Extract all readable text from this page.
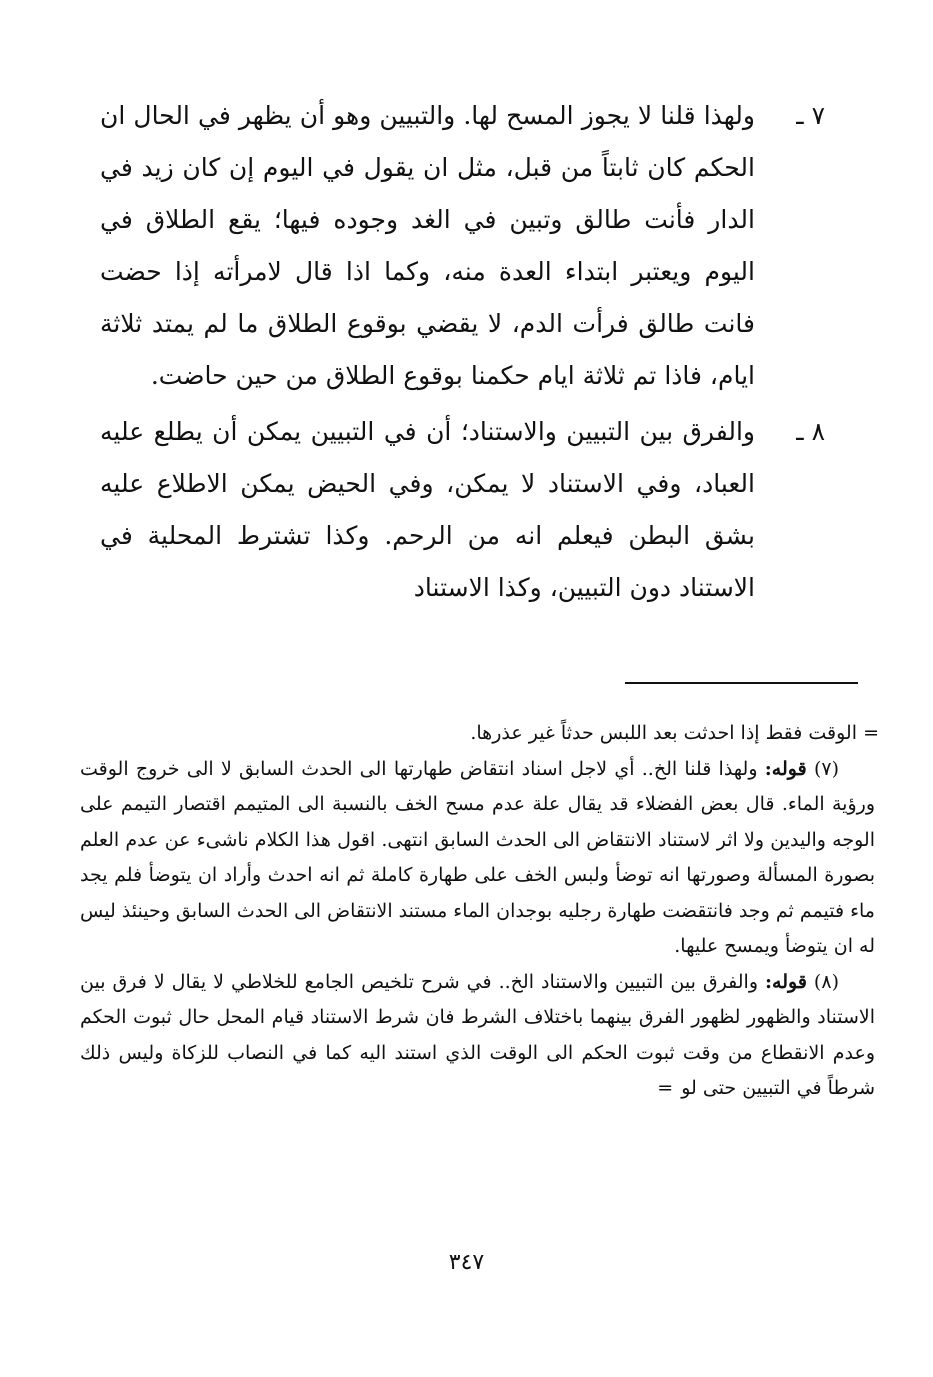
٧ ـ
ولهذا قلنا لا يجوز المسح لها. والتبيين وهو أن يظهر في الحال ان الحكم كان ثابتاً من قبل، مثل ان يقول في اليوم إن كان زيد في الدار فأنت طالق وتبين في الغد وجوده فيها؛ يقع الطلاق في اليوم ويعتبر ابتداء العدة منه، وكما اذا قال لامرأته إذا حضت فانت طالق فرأت الدم، لا يقضي بوقوع الطلاق ما لم يمتد ثلاثة ايام، فاذا تم ثلاثة ايام حكمنا بوقوع الطلاق من حين حاضت.
٨ ـ
والفرق بين التبيين والاستناد؛ أن في التبيين يمكن أن يطلع عليه العباد، وفي الاستناد لا يمكن، وفي الحيض يمكن الاطلاع عليه بشق البطن فيعلم انه من الرحم. وكذا تشترط المحلية في الاستناد دون التبيين، وكذا الاستناد

=
الوقت فقط إذا احدثت بعد اللبس حدثاً غير عذرها.

(٧) قوله: ولهذا قلنا الخ.. أي لاجل اسناد انتقاض طهارتها الى الحدث السابق لا الى خروج الوقت ورؤية الماء. قال بعض الفضلاء قد يقال علة عدم مسح الخف بالنسبة الى المتيمم اقتصار التيمم على الوجه واليدين ولا اثر لاستناد الانتقاض الى الحدث السابق انتهى. اقول هذا الكلام ناشىء عن عدم العلم بصورة المسألة وصورتها انه توضأ ولبس الخف على طهارة كاملة ثم انه احدث وأراد ان يتوضأ فلم يجد ماء فتيمم ثم وجد فانتقضت طهارة رجليه بوجدان الماء مستند الانتقاض الى الحدث السابق وحينئذ ليس له ان يتوضأ ويمسح عليها.

(٨) قوله: والفرق بين التبيين والاستناد الخ.. في شرح تلخيص الجامع للخلاطي لا يقال لا فرق بين الاستناد والظهور لظهور الفرق بينهما باختلاف الشرط فان شرط الاستناد قيام المحل حال ثبوت الحكم وعدم الانقطاع من وقت ثبوت الحكم الى الوقت الذي استند اليه كما في النصاب للزكاة وليس ذلك شرطاً في التبيين حتى لو=

٣٤٧
